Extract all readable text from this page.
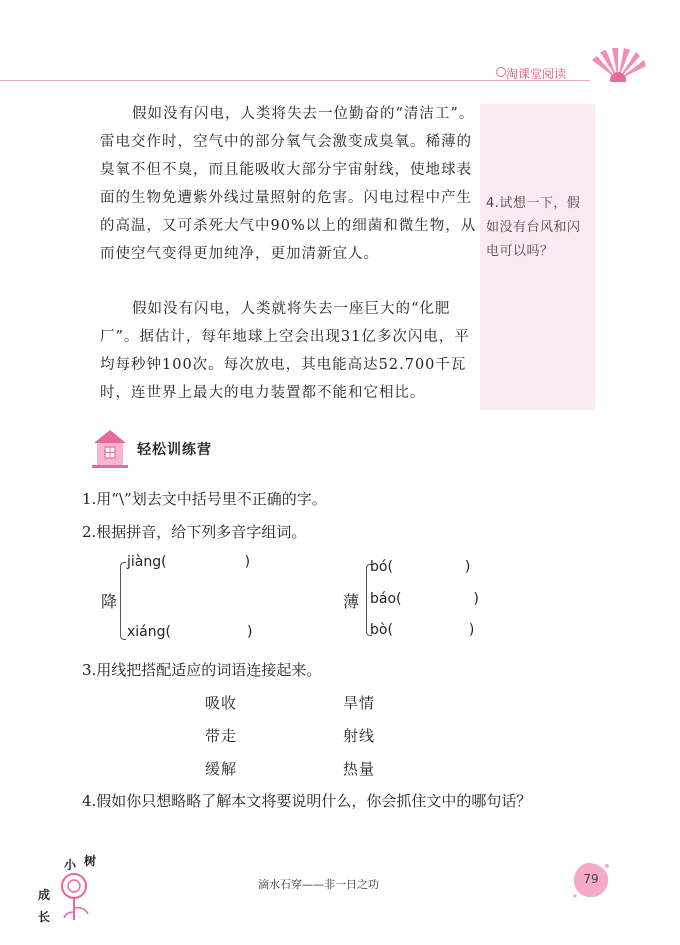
淘课堂阅读
4.试想一下，假如没有台风和闪电可以吗？
假如没有闪电，人类将失去一位勤奋的“清洁工”。雷电交作时，空气中的部分氧气会激变成臭氧。稀薄的臭氧不但不臭，而且能吸收大部分宇宙射线，使地球表面的生物免遭紫外线过量照射的危害。闪电过程中产生的高温，又可杀死大气中90%以上的细菌和微生物，从而使空气变得更加纯净，更加清新宜人。
假如没有闪电，人类就将失去一座巨大的“化肥厂”。据估计，每年地球上空会出现31亿多次闪电，平均每秒钟100次。每次放电，其电能高达52.700千瓦时，连世界上最大的电力装置都不能和它相比。
轻松训练营
1.用“\”划去文中括号里不正确的字。
2.根据拼音，给下列多音字组词。
降
jiàng(	)
xiáng(	)
薄
bó(	)
báo(	)
bò(	)
3.用线把搭配适应的词语连接起来。
吸收
带走
缓解
旱情
射线
热量
4.假如你只想略略了解本文将要说明什么，你会抓住文中的哪句话？
小 树
成
长
滴水石穿——非一日之功	79
